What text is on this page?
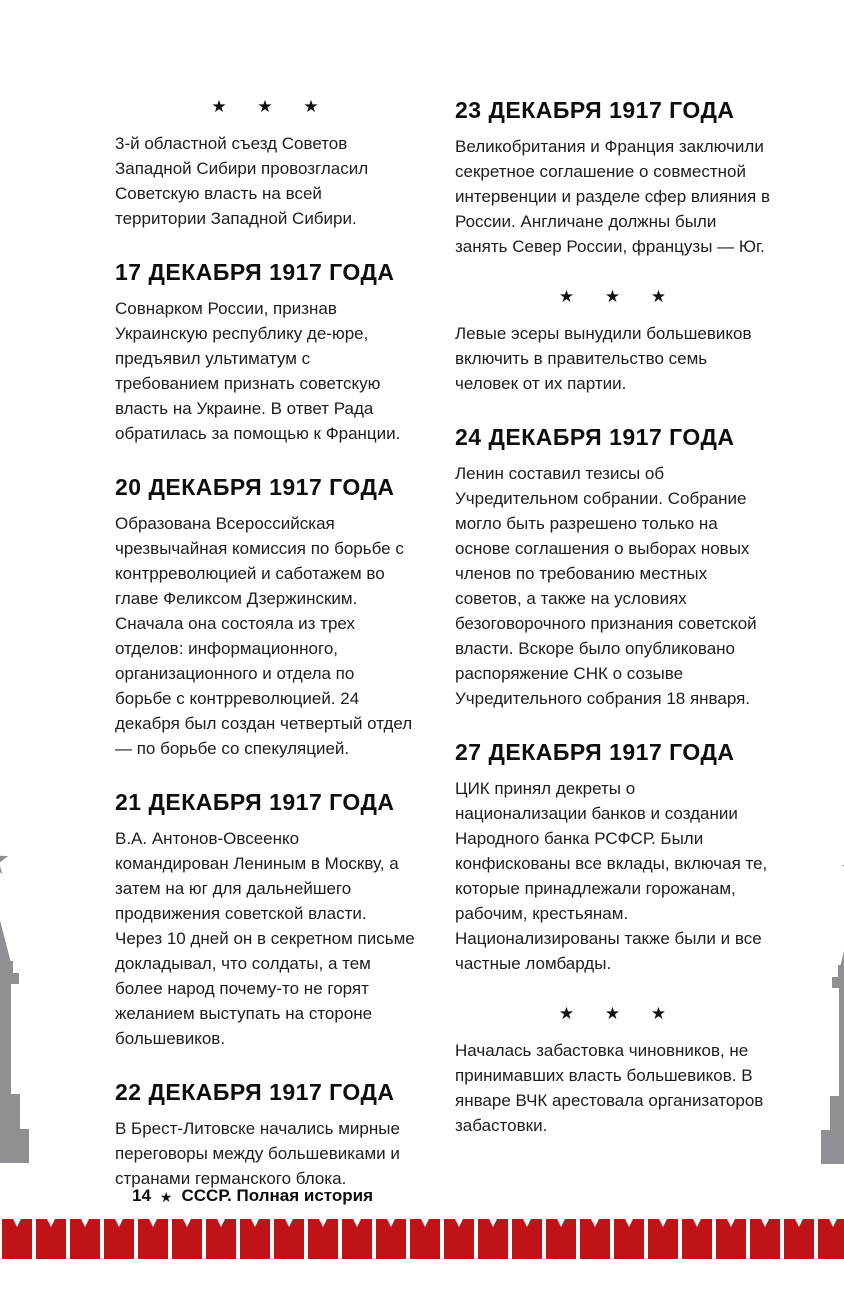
★ ★ ★

3-й областной съезд Советов Западной Сибири провозгласил Советскую власть на всей территории Западной Сибири.

17 ДЕКАБРЯ 1917 ГОДА

Совнарком России, признав Украинскую республику де-юре, предъявил ультиматум с требованием признать советскую власть на Украине. В ответ Рада обратилась за помощью к Франции.

20 ДЕКАБРЯ 1917 ГОДА

Образована Всероссийская чрезвычайная комиссия по борьбе с контрреволюцией и саботажем во главе Феликсом Дзержинским. Сначала она состояла из трех отделов: информационного, организационного и отдела по борьбе с контрреволюцией. 24 декабря был создан четвертый отдел — по борьбе со спекуляцией.

21 ДЕКАБРЯ 1917 ГОДА

В.А. Антонов-Овсеенко командирован Лениным в Москву, а затем на юг для дальнейшего продвижения советской власти. Через 10 дней он в секретном письме докладывал, что солдаты, а тем более народ почему-то не горят желанием выступать на стороне большевиков.

22 ДЕКАБРЯ 1917 ГОДА

В Брест-Литовске начались мирные переговоры между большевиками и странами германского блока.

23 ДЕКАБРЯ 1917 ГОДА

Великобритания и Франция заключили секретное соглашение о совместной интервенции и разделе сфер влияния в России. Англичане должны были занять Север России, французы — Юг.

★ ★ ★

Левые эсеры вынудили большевиков включить в правительство семь человек от их партии.

24 ДЕКАБРЯ 1917 ГОДА

Ленин составил тезисы об Учредительном собрании. Собрание могло быть разрешено только на основе соглашения о выборах новых членов по требованию местных советов, а также на условиях безоговорочного признания советской власти. Вскоре было опубликовано распоряжение СНК о созыве Учредительного собрания 18 января.

27 ДЕКАБРЯ 1917 ГОДА

ЦИК принял декреты о национализации банков и создании Народного банка РСФСР. Были конфискованы все вклады, включая те, которые принадлежали горожанам, рабочим, крестьянам. Национализированы также были и все частные ломбарды.

★ ★ ★

Началась забастовка чиновников, не принимавших власть большевиков. В январе ВЧК арестовала организаторов забастовки.

14 ★ СССР. Полная история
